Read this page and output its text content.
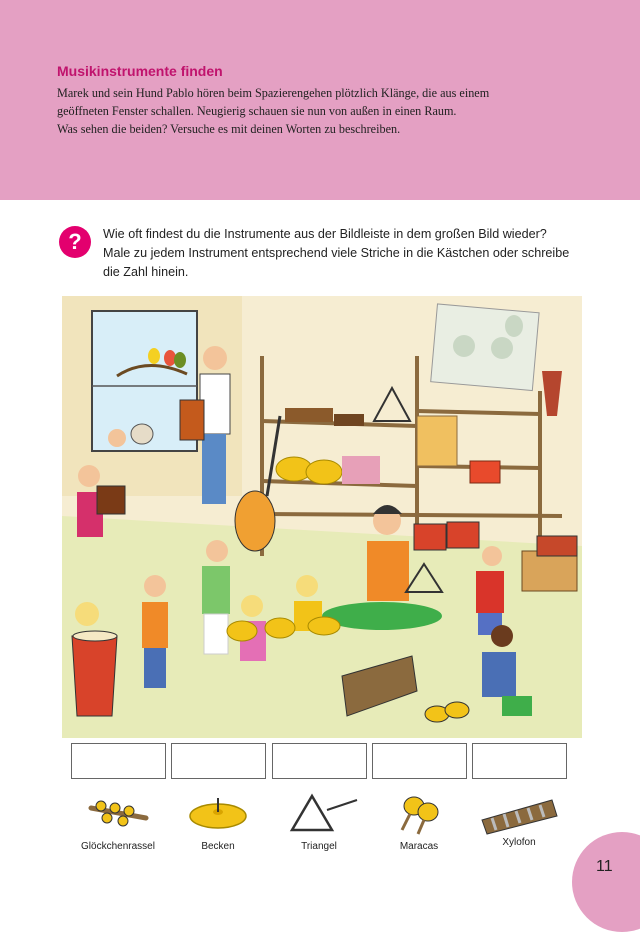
Musikinstrumente finden
Marek und sein Hund Pablo hören beim Spazierengehen plötzlich Klänge, die aus einem
geöffneten Fenster schallen. Neugierig schauen sie nun von außen in einen Raum.
Was sehen die beiden? Versuche es mit deinen Worten zu beschreiben.
?	Wie oft findest du die Instrumente aus der Bildleiste in dem großen Bild wieder?
Male zu jedem Instrument entsprechend viele Striche in die Kästchen oder schreibe
die Zahl hinein.
Glöckchenrassel	Becken	Triangel	Maracas	Xylofon
11
